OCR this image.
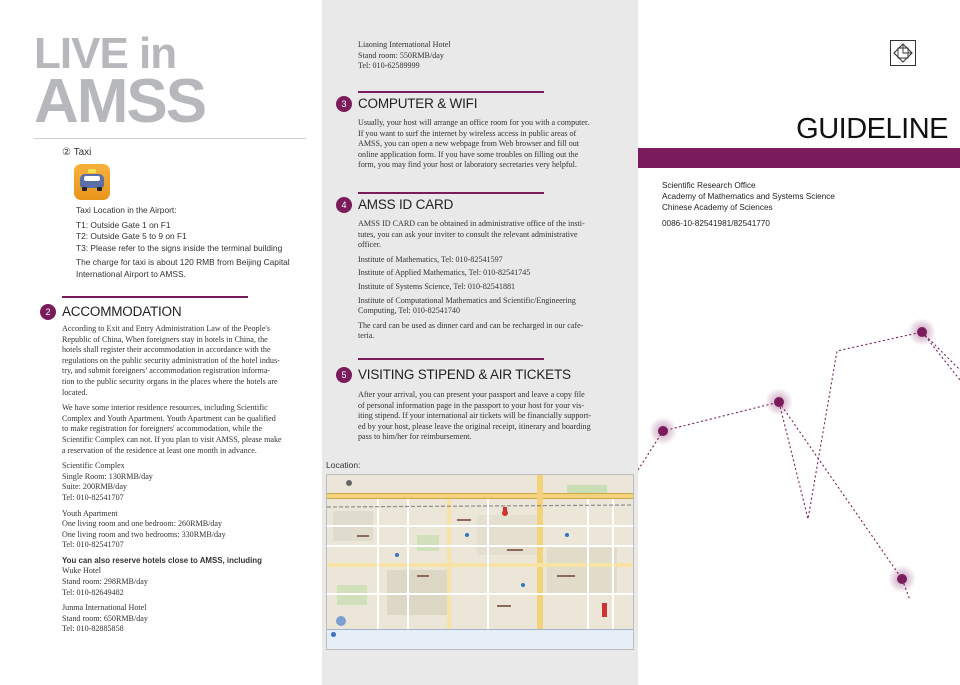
LIVE in
AMSS
② Taxi

Taxi Location in the Airport:

T1: Outside Gate 1 on F1
T2: Outside Gate 5 to 9 on F1

T3: Please refer to the signs inside the terminal building

The charge for taxi is about 120 RMB from Beijing Capital
International Airport to AMSS.
2 ACCOMMODATION

According to Exit and Entry Administration Law of the People's
Republic of China, When foreigners stay in hotels in China, the
hotels shall register their accommodation in accordance with the
regulations on the public security administration of the hotel indus-
try, and submit foreigners’ accommodation registration informa-
tion to the public security organs in the places where the hotels are
located.

We have some interior residence resources, including Scientific
Complex and Youth Apartment. Youth Apartment can be qualified
to make registration for foreigners' accommodation, while the
Scientific Complex can not. If you plan to visit AMSS, please make
a reservation of the residence at least one month in advance.

Scientific Complex
Single Room: 130RMB/day
Suite: 200RMB/day
Tel: 010-82541707

Youth Apartment
One living room and one bedroom: 260RMB/day
One living room and two bedrooms: 330RMB/day
Tel: 010-82541707

You can also reserve hotels close to AMSS, including

Wuke Hotel
Stand room: 298RMB/day
Tel: 010-82649482

Junma International Hotel
Stand room: 650RMB/day
Tel: 010-82885858

Liaoning International Hotel
Stand room: 550RMB/day
Tel: 010-62589999
3 COMPUTER & WIFI
Usually, your host will arrange an office room for you with a computer.
If you want to surf the internet by wireless access in public areas of
AMSS, you can open a new webpage from Web browser and fill out
online application form. If you have some troubles on filling out the
form, you may find your host or laboratory secretaries very helpful.
4 AMSS ID CARD

AMSS ID CARD can be obtained in administrative office of the insti-
tutes, you can ask your inviter to consult the relevant administrative
officer.

Institute of Mathematics, Tel: 010-82541597
Institute of Applied Mathematics, Tel: 010-82541745
Institute of Systems Science, Tel: 010-82541881
Institute of Computational Mathematics and Scientific/Engineering
Computing, Tel: 010-82541740

The card can be used as dinner card and can be recharged in our cafe-
teria.

5 VISITING STIPEND & AIR TICKETS
After your arrival, you can present your passport and leave a copy file
of personal information page in the passport to your host for your vis-
iting stipend. If your international air tickets will be financially support-
ed by your host, please leave the original receipt, itinerary and boarding
pass to him/her for reimbursement.
Location:
GUIDELINE
Scientific Research Office
Academy of Mathematics and Systems Science
Chinese Academy of Sciences
0086-10-82541981/82541770
